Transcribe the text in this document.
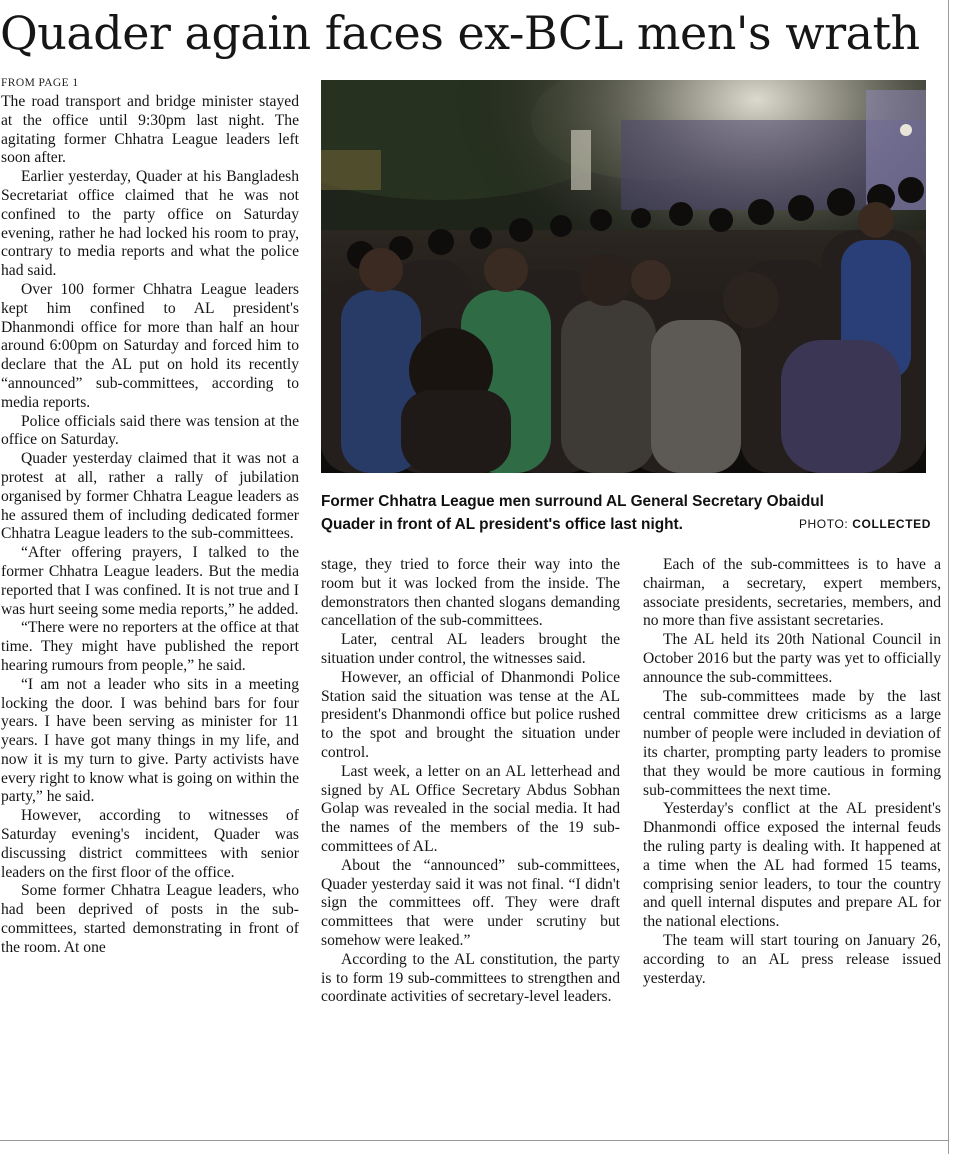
Quader again faces ex-BCL men's wrath
FROM PAGE 1

The road transport and bridge minister stayed at the office until 9:30pm last night. The agitating former Chhatra League leaders left soon after.

Earlier yesterday, Quader at his Bangladesh Secretariat office claimed that he was not confined to the party office on Saturday evening, rather he had locked his room to pray, contrary to media reports and what the police had said.

Over 100 former Chhatra League leaders kept him confined to AL president's Dhanmondi office for more than half an hour around 6:00pm on Saturday and forced him to declare that the AL put on hold its recently “announced” sub-committees, according to media reports.

Police officials said there was tension at the office on Saturday.

Quader yesterday claimed that it was not a protest at all, rather a rally of jubilation organised by former Chhatra League leaders as he assured them of including dedicated former Chhatra League leaders to the sub-committees.

“After offering prayers, I talked to the former Chhatra League leaders. But the media reported that I was confined. It is not true and I was hurt seeing some media reports,” he added.

“There were no reporters at the office at that time. They might have published the report hearing rumours from people,” he said.

“I am not a leader who sits in a meeting locking the door. I was behind bars for four years. I have been serving as minister for 11 years. I have got many things in my life, and now it is my turn to give. Party activists have every right to know what is going on within the party,” he said.

However, according to witnesses of Saturday evening's incident, Quader was discussing district committees with senior leaders on the first floor of the office.

Some former Chhatra League leaders, who had been deprived of posts in the sub-committees, started demonstrating in front of the room. At one

Former Chhatra League men surround AL General Secretary Obaidul
Quader in front of AL president's office last night.	PHOTO: COLLECTED

stage, they tried to force their way into the room but it was locked from the inside. The demonstrators then chanted slogans demanding cancellation of the sub-committees.

Later, central AL leaders brought the situation under control, the witnesses said.

However, an official of Dhanmondi Police Station said the situation was tense at the AL president's Dhanmondi office but police rushed to the spot and brought the situation under control.

Last week, a letter on an AL letterhead and signed by AL Office Secretary Abdus Sobhan Golap was revealed in the social media. It had the names of the members of the 19 sub-committees of AL.

About the “announced” sub-committees, Quader yesterday said it was not final. “I didn't sign the committees off. They were draft committees that were under scrutiny but somehow were leaked.”

According to the AL constitution, the party is to form 19 sub-committees to strengthen and coordinate activities of secretary-level leaders.

Each of the sub-committees is to have a chairman, a secretary, expert members, associate presidents, secretaries, members, and no more than five assistant secretaries.

The AL held its 20th National Council in October 2016 but the party was yet to officially announce the sub-committees.

The sub-committees made by the last central committee drew criticisms as a large number of people were included in deviation of its charter, prompting party leaders to promise that they would be more cautious in forming sub-committees the next time.

Yesterday's conflict at the AL president's Dhanmondi office exposed the internal feuds the ruling party is dealing with. It happened at a time when the AL had formed 15 teams, comprising senior leaders, to tour the country and quell internal disputes and prepare AL for the national elections.

The team will start touring on January 26, according to an AL press release issued yesterday.
